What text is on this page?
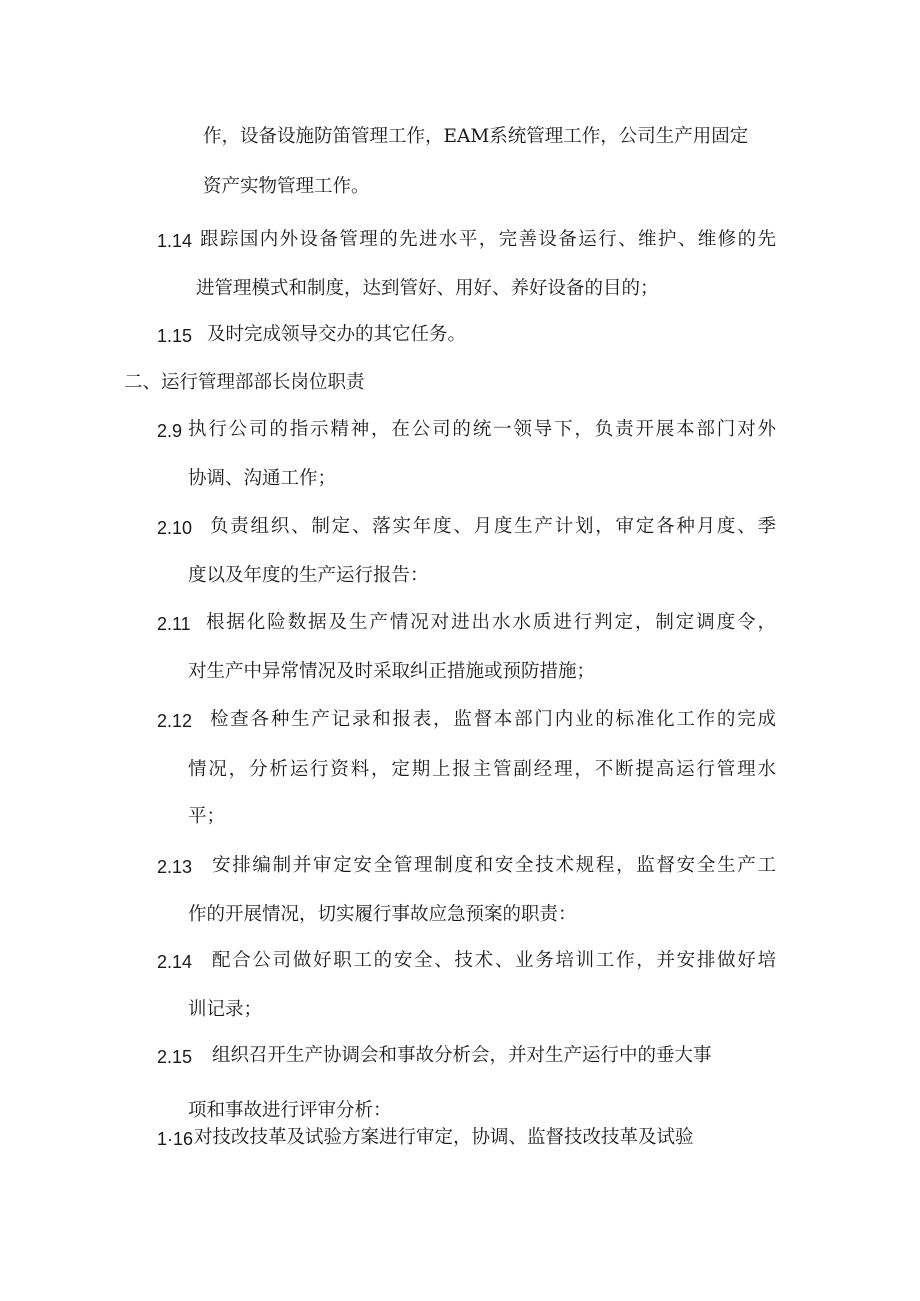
作，设备设施防笛管理工作，EAM系统管理工作，公司生产用固定
资产实物管理工作。
1.14 跟踪国内外设备管理的先进水平，完善设备运行、维护、维修的先
进管理模式和制度，达到管好、用好、养好设备的目的；
1.15 及时完成领导交办的其它任务。
二、运行管理部部长岗位职责
2.9 执行公司的指示精神，在公司的统一领导下，负责开展本部门对外
协调、沟通工作；
2.10 负责组织、制定、落实年度、月度生产计划，审定各种月度、季
度以及年度的生产运行报告：
2.11 根据化险数据及生产情况对进出水水质进行判定，制定调度令，
对生产中异常情况及时采取纠正措施或预防措施；
2.12 检查各种生产记录和报表，监督本部门内业的标准化工作的完成
情况，分析运行资料，定期上报主管副经理，不断提高运行管理水
平；
2.13 安排编制并审定安全管理制度和安全技术规程，监督安全生产工
作的开展情况，切实履行事故应急预案的职责：
2.14 配合公司做好职工的安全、技术、业务培训工作，并安排做好培
训记录；
2.15 组织召开生产协调会和事故分析会，并对生产运行中的垂大事
项和事故进行评审分析：
1·16 对技改技革及试验方案进行审定，协调、监督技改技革及试验
